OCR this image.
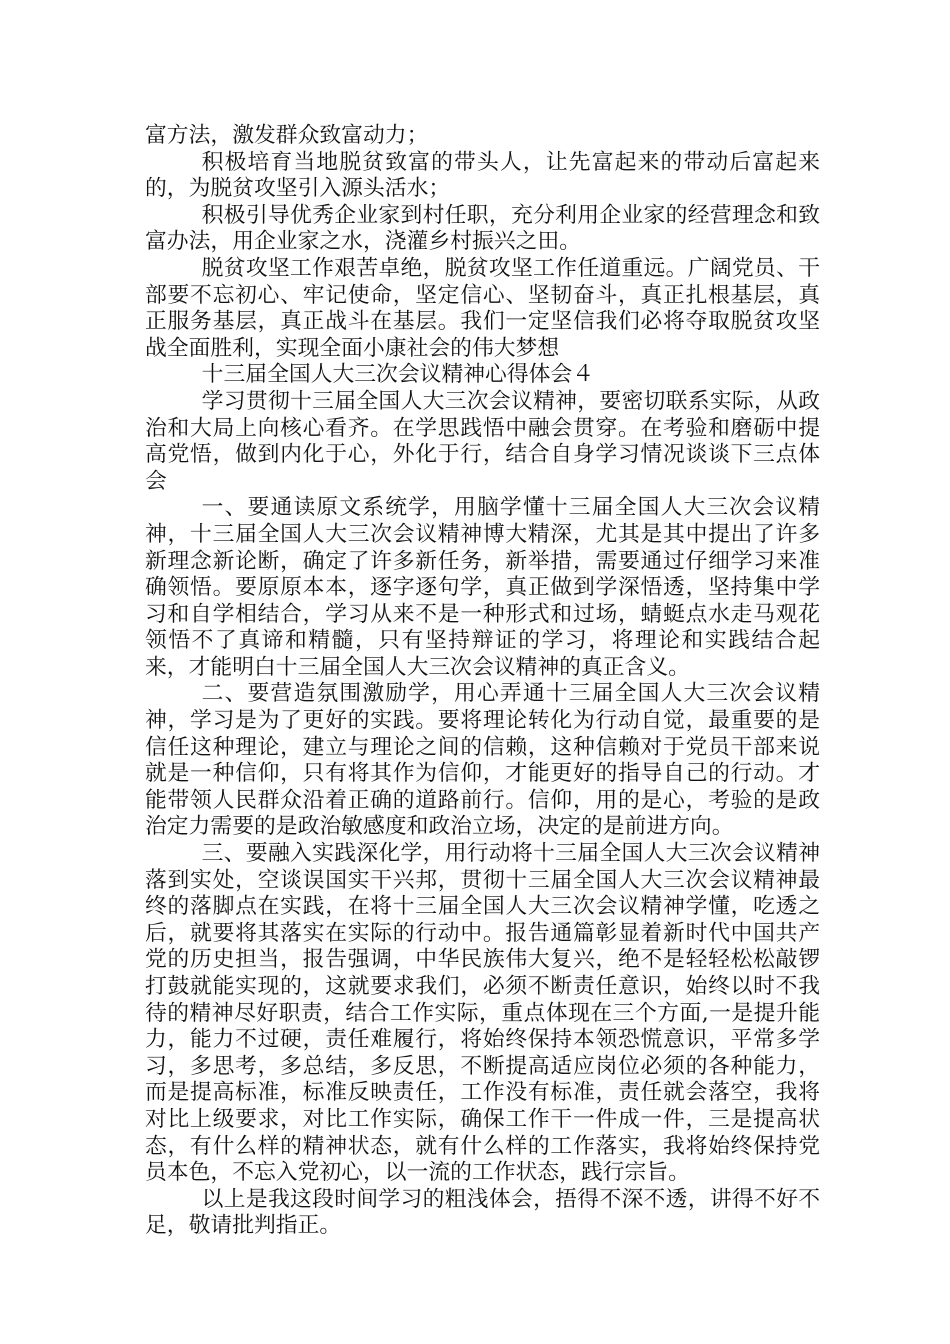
富方法，激发群众致富动力；

积极培育当地脱贫致富的带头人，让先富起来的带动后富起来的，为脱贫攻坚引入源头活水；

积极引导优秀企业家到村任职，充分利用企业家的经营理念和致富办法，用企业家之水，浇灌乡村振兴之田。

脱贫攻坚工作艰苦卓绝，脱贫攻坚工作任道重远。广阔党员、干部要不忘初心、牢记使命，坚定信心、坚韧奋斗，真正扎根基层，真正服务基层，真正战斗在基层。我们一定坚信我们必将夺取脱贫攻坚战全面胜利，实现全面小康社会的伟大梦想

十三届全国人大三次会议精神心得体会４

学习贯彻十三届全国人大三次会议精神，要密切联系实际，从政治和大局上向核心看齐。在学思践悟中融会贯穿。在考验和磨砺中提高党悟，做到内化于心，外化于行，结合自身学习情况谈谈下三点体会

一、要通读原文系统学，用脑学懂十三届全国人大三次会议精神，十三届全国人大三次会议精神博大精深，尤其是其中提出了许多新理念新论断，确定了许多新任务，新举措，需要通过仔细学习来准确领悟。要原原本本，逐字逐句学，真正做到学深悟透，坚持集中学习和自学相结合，学习从来不是一种形式和过场，蜻蜓点水走马观花领悟不了真谛和精髓，只有坚持辩证的学习，将理论和实践结合起来，才能明白十三届全国人大三次会议精神的真正含义。

二、要营造氛围激励学，用心弄通十三届全国人大三次会议精神，学习是为了更好的实践。要将理论转化为行动自觉，最重要的是信任这种理论，建立与理论之间的信赖，这种信赖对于党员干部来说就是一种信仰，只有将其作为信仰，才能更好的指导自己的行动。才能带领人民群众沿着正确的道路前行。信仰，用的是心，考验的是政治定力需要的是政治敏感度和政治立场，决定的是前进方向。

三、要融入实践深化学，用行动将十三届全国人大三次会议精神落到实处，空谈误国实干兴邦，贯彻十三届全国人大三次会议精神最终的落脚点在实践，在将十三届全国人大三次会议精神学懂，吃透之后，就要将其落实在实际的行动中。报告通篇彰显着新时代中国共产党的历史担当，报告强调，中华民族伟大复兴，绝不是轻轻松松敲锣打鼓就能实现的，这就要求我们，必须不断责任意识，始终以时不我待的精神尽好职责，结合工作实际，重点体现在三个方面,一是提升能力，能力不过硬，责任难履行，将始终保持本领恐慌意识，平常多学习，多思考，多总结，多反思，不断提高适应岗位必须的各种能力，而是提高标准，标准反映责任，工作没有标准，责任就会落空，我将对比上级要求，对比工作实际，确保工作干一件成一件，三是提高状态，有什么样的精神状态，就有什么样的工作落实，我将始终保持党员本色，不忘入党初心，以一流的工作状态，践行宗旨。

以上是我这段时间学习的粗浅体会，捂得不深不透，讲得不好不足，敬请批判指正。
